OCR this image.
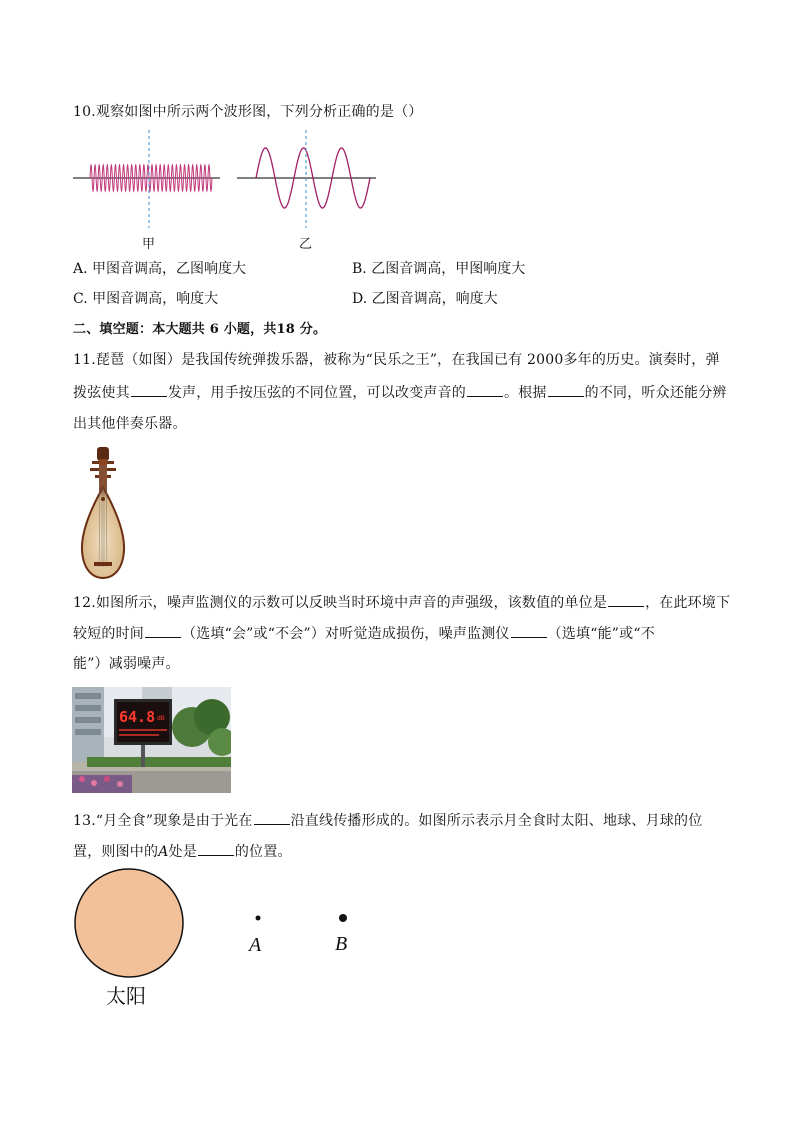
10.观察如图中所示两个波形图，下列分析正确的是（）
甲	乙
A. 甲图音调高，乙图响度大	B. 乙图音调高，甲图响度大
C. 甲图音调高，响度大	D. 乙图音调高，响度大
二、填空题：本大题共 6 小题，共18 分。
11.琵琶（如图）是我国传统弹拨乐器，被称为“民乐之王”，在我国已有 2000多年的历史。演奏时，弹
拨弦使其	发声，用手按压弦的不同位置，可以改变声音的	。根据	的不同，听众还能分辨
出其他伴奏乐器。
12.如图所示，噪声监测仪的示数可以反映当时环境中声音的声强级，该数值的单位是	，在此环境下
较短的时间	（选填“会”或“不会”）对听觉造成损伤，噪声监测仪	（选填“能”或“不
能”）减弱噪声。
64.8 dB
13.“月全食”现象是由于光在	沿直线传播形成的。如图所示表示月全食时太阳、地球、月球的位
置，则图中的A处是	的位置。
A	B
太阳
